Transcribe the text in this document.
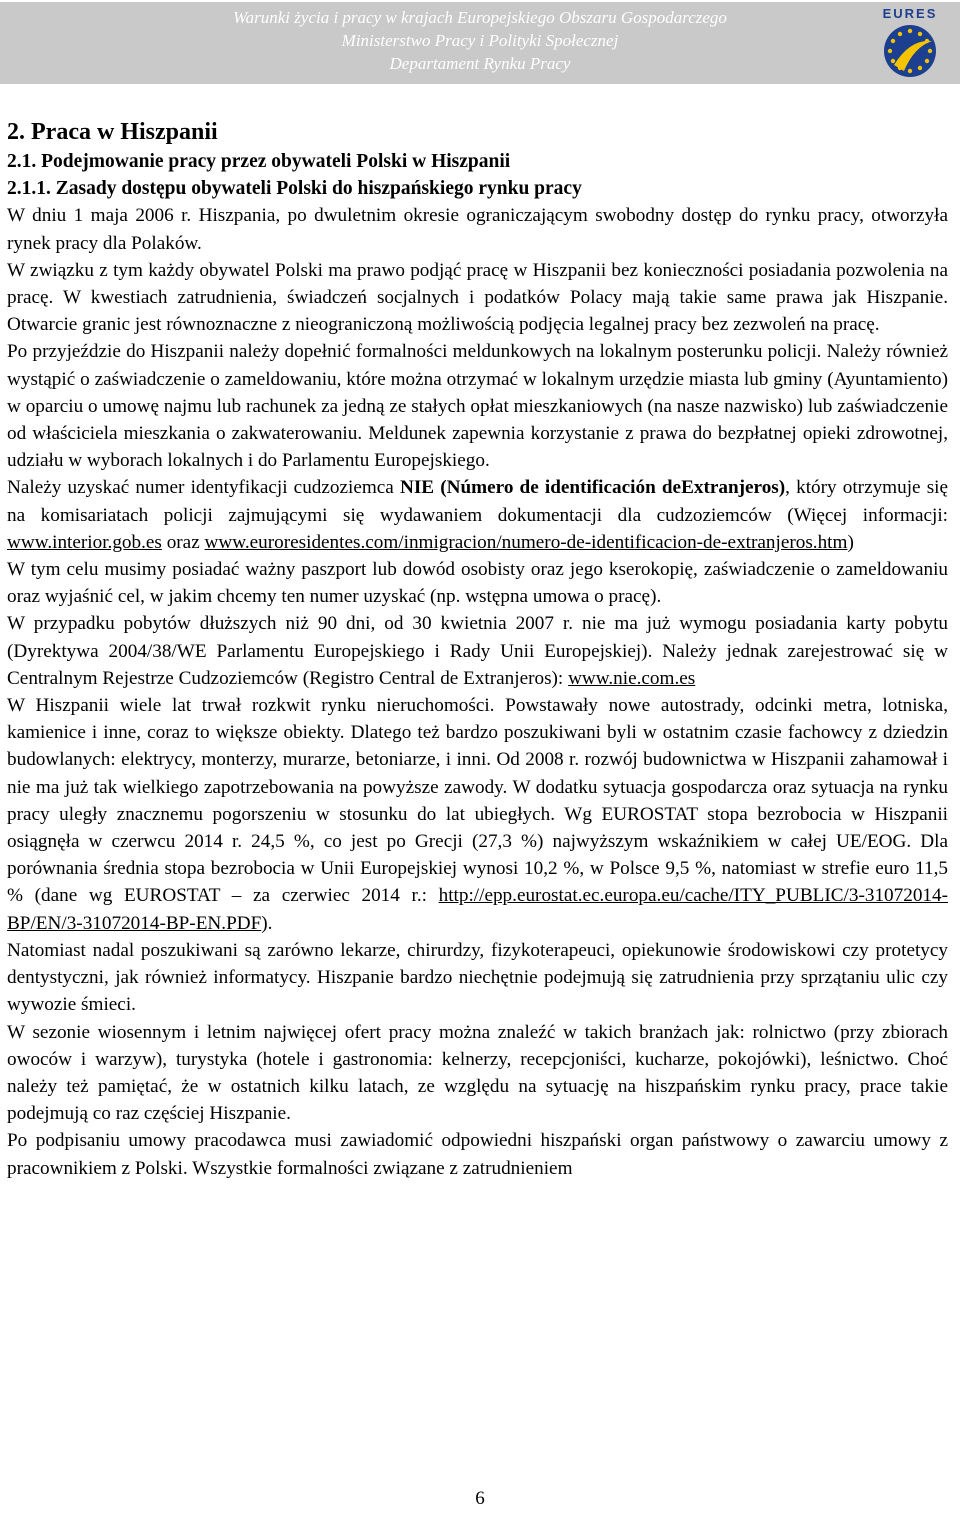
Warunki życia i pracy w krajach Europejskiego Obszaru Gospodarczego
Ministerstwo Pracy i Polityki Społecznej
Departament Rynku Pracy
EURES
2. Praca w Hiszpanii
2.1. Podejmowanie pracy przez obywateli Polski w Hiszpanii
2.1.1. Zasady dostępu obywateli Polski do hiszpańskiego rynku pracy

W dniu 1 maja 2006 r. Hiszpania, po dwuletnim okresie ograniczającym swobodny dostęp do rynku pracy, otworzyła rynek pracy dla Polaków.

W związku z tym każdy obywatel Polski ma prawo podjąć pracę w Hiszpanii bez konieczności posiadania pozwolenia na pracę. W kwestiach zatrudnienia, świadczeń socjalnych i podatków Polacy mają takie same prawa jak Hiszpanie. Otwarcie granic jest równoznaczne z nieograniczoną możliwością podjęcia legalnej pracy bez zezwoleń na pracę.

Po przyjeździe do Hiszpanii należy dopełnić formalności meldunkowych na lokalnym posterunku policji. Należy również wystąpić o zaświadczenie o zameldowaniu, które można otrzymać w lokalnym urzędzie miasta lub gminy (Ayuntamiento) w oparciu o umowę najmu lub rachunek za jedną ze stałych opłat mieszkaniowych (na nasze nazwisko) lub zaświadczenie od właściciela mieszkania o zakwaterowaniu. Meldunek zapewnia korzystanie z prawa do bezpłatnej opieki zdrowotnej, udziału w wyborach lokalnych i do Parlamentu Europejskiego.

Należy uzyskać numer identyfikacji cudzoziemca NIE (Número de identificación deExtranjeros), który otrzymuje się na komisariatach policji zajmującymi się wydawaniem dokumentacji dla cudzoziemców (Więcej informacji: www.interior.gob.es oraz www.euroresidentes.com/inmigracion/numero-de-identificacion-de-extranjeros.htm)

W tym celu musimy posiadać ważny paszport lub dowód osobisty oraz jego kserokopię, zaświadczenie o zameldowaniu oraz wyjaśnić cel, w jakim chcemy ten numer uzyskać (np. wstępna umowa o pracę).

W przypadku pobytów dłuższych niż 90 dni, od 30 kwietnia 2007 r. nie ma już wymogu posiadania karty pobytu (Dyrektywa 2004/38/WE Parlamentu Europejskiego i Rady Unii Europejskiej). Należy jednak zarejestrować się w Centralnym Rejestrze Cudzoziemców (Registro Central de Extranjeros): www.nie.com.es

W Hiszpanii wiele lat trwał rozkwit rynku nieruchomości. Powstawały nowe autostrady, odcinki metra, lotniska, kamienice i inne, coraz to większe obiekty. Dlatego też bardzo poszukiwani byli w ostatnim czasie fachowcy z dziedzin budowlanych: elektrycy, monterzy, murarze, betoniarze, i inni. Od 2008 r. rozwój budownictwa w Hiszpanii zahamował i nie ma już tak wielkiego zapotrzebowania na powyższe zawody. W dodatku sytuacja gospodarcza oraz sytuacja na rynku pracy uległy znacznemu pogorszeniu w stosunku do lat ubiegłych. Wg EUROSTAT stopa bezrobocia w Hiszpanii osiągnęła w czerwcu 2014 r. 24,5 %, co jest po Grecji (27,3 %) najwyższym wskaźnikiem w całej UE/EOG. Dla porównania średnia stopa bezrobocia w Unii Europejskiej wynosi 10,2 %, w Polsce 9,5 %, natomiast w strefie euro 11,5 % (dane wg EUROSTAT – za czerwiec 2014 r.: http://epp.eurostat.ec.europa.eu/cache/ITY_PUBLIC/3-31072014-BP/EN/3-31072014-BP-EN.PDF).

Natomiast nadal poszukiwani są zarówno lekarze, chirurdzy, fizykoterapeuci, opiekunowie środowiskowi czy protetycy dentystyczni, jak również informatycy. Hiszpanie bardzo niechętnie podejmują się zatrudnienia przy sprzątaniu ulic czy wywozie śmieci.

W sezonie wiosennym i letnim najwięcej ofert pracy można znaleźć w takich branżach jak: rolnictwo (przy zbiorach owoców i warzyw), turystyka (hotele i gastronomia: kelnerzy, recepcjoniści, kucharze, pokojówki), leśnictwo. Choć należy też pamiętać, że w ostatnich kilku latach, ze względu na sytuację na hiszpańskim rynku pracy, prace takie podejmują co raz częściej Hiszpanie.

Po podpisaniu umowy pracodawca musi zawiadomić odpowiedni hiszpański organ państwowy o zawarciu umowy z pracownikiem z Polski. Wszystkie formalności związane z zatrudnieniem

6
